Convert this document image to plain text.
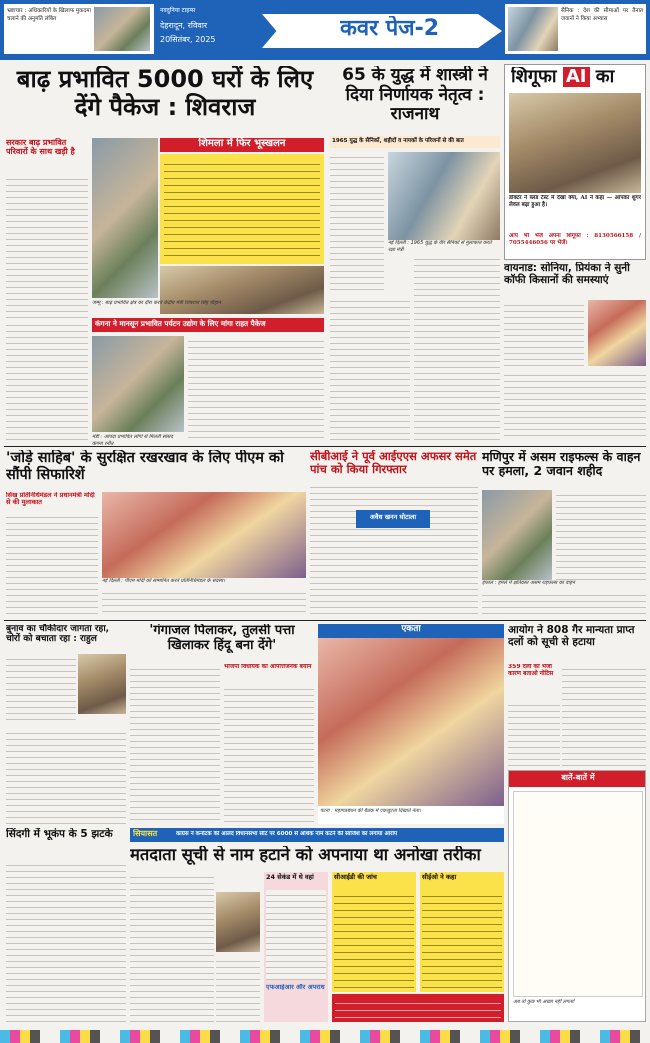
भ्रष्टाचार : अधिकारियों के खिलाफ मुकदमा चलाने की अनुमति लंबित
नवदुनिया टाइम्स
देहरादून, रविवार
20सितंबर, 2025	कवर पेज-2
सैनिक : देश की सीमाओं पर तैनात जवानों ने किया अभ्यास
बाढ़ प्रभावित 5000 घरों के लिए देंगे पैकेज : शिवराज
सरकार बाढ़ प्रभावित परिवारों के साथ खड़ी है
शिमला में फिर भूस्खलन
जम्मू : बाढ़ प्रभावित क्षेत्र का दौरा करते केंद्रीय मंत्री शिवराज सिंह चौहान
कंगना ने मानसून प्रभावित पर्यटन उद्योग के लिए मांगा राहत पैकेज
मंडी : आपदा प्रभावित लोगों से मिलतीं सांसद कंगना रनौत
65 के युद्ध में शास्त्री ने दिया निर्णायक नेतृत्व : राजनाथ
1965 युद्ध के सैनिकों, शहीदों व नायकों के परिजनों से की बात
नई दिल्ली : 1965 युद्ध के वीर सैनिकों से मुलाकात करते रक्षा मंत्री
शिगूफा AI का
डॉक्टर ने ब्लड टेस्ट में देखा क्या, AI ने कहा — आपका शुगर लेवल बढ़ा हुआ है।
आप भी भेजें अपना शिगूफा : 8130566158 / 7055446056 पर भेजें।
वायनाड: सोनिया, प्रियंका ने सुनी कॉफी किसानों की समस्याएं
'जोड़े साहिब' के सुरक्षित रखरखाव के लिए पीएम को सौंपी सिफारिशें
सिख प्रतिनिधिमंडल ने प्रधानमंत्री मोदी से की मुलाकात
नई दिल्ली : पीएम मोदी को सम्मानित करते प्रतिनिधिमंडल के सदस्य।
सीबीआई ने पूर्व आईएएस अफसर समेत पांच को किया गिरफ्तार
अवैध खनन घोटाला
मणिपुर में असम राइफल्स के वाहन पर हमला, 2 जवान शहीद
इंफाल : हमले में क्षतिग्रस्त असम राइफल्स का वाहन
बुनाव का चौकीदार जागता रहा, चोरों को बचाता रहा : राहुल
'गंगाजल पिलाकर, तुलसी पत्ता खिलाकर हिंदू बना देंगे'
भाजपा विधायक का आपत्तिजनक बयान
एकता
पटना : महागठबंधन की बैठक में एकजुटता दिखाते नेता।
आयोग ने 808 गैर मान्यता प्राप्त दलों को सूची से हटाया
359 दलों को भेजा कारण बताओ नोटिस
बातें-बातें में
अब तो कुछ भी अच्छा नहीं लगता!
सिंदगी में भूकंप के 5 झटके	सियासत	कांग्रेस ने कर्नाटक की आलंद विधानसभा सीट पर 6000 से अधिक नाम कटने की साजिश का लगाया आरोप
मतदाता सूची से नाम हटाने को अपनाया था अनोखा तरीका
24 सेकंड में थे वहां
एफआईआर और अपराध
सीआईडी की जांच	सीईओ ने कहा
